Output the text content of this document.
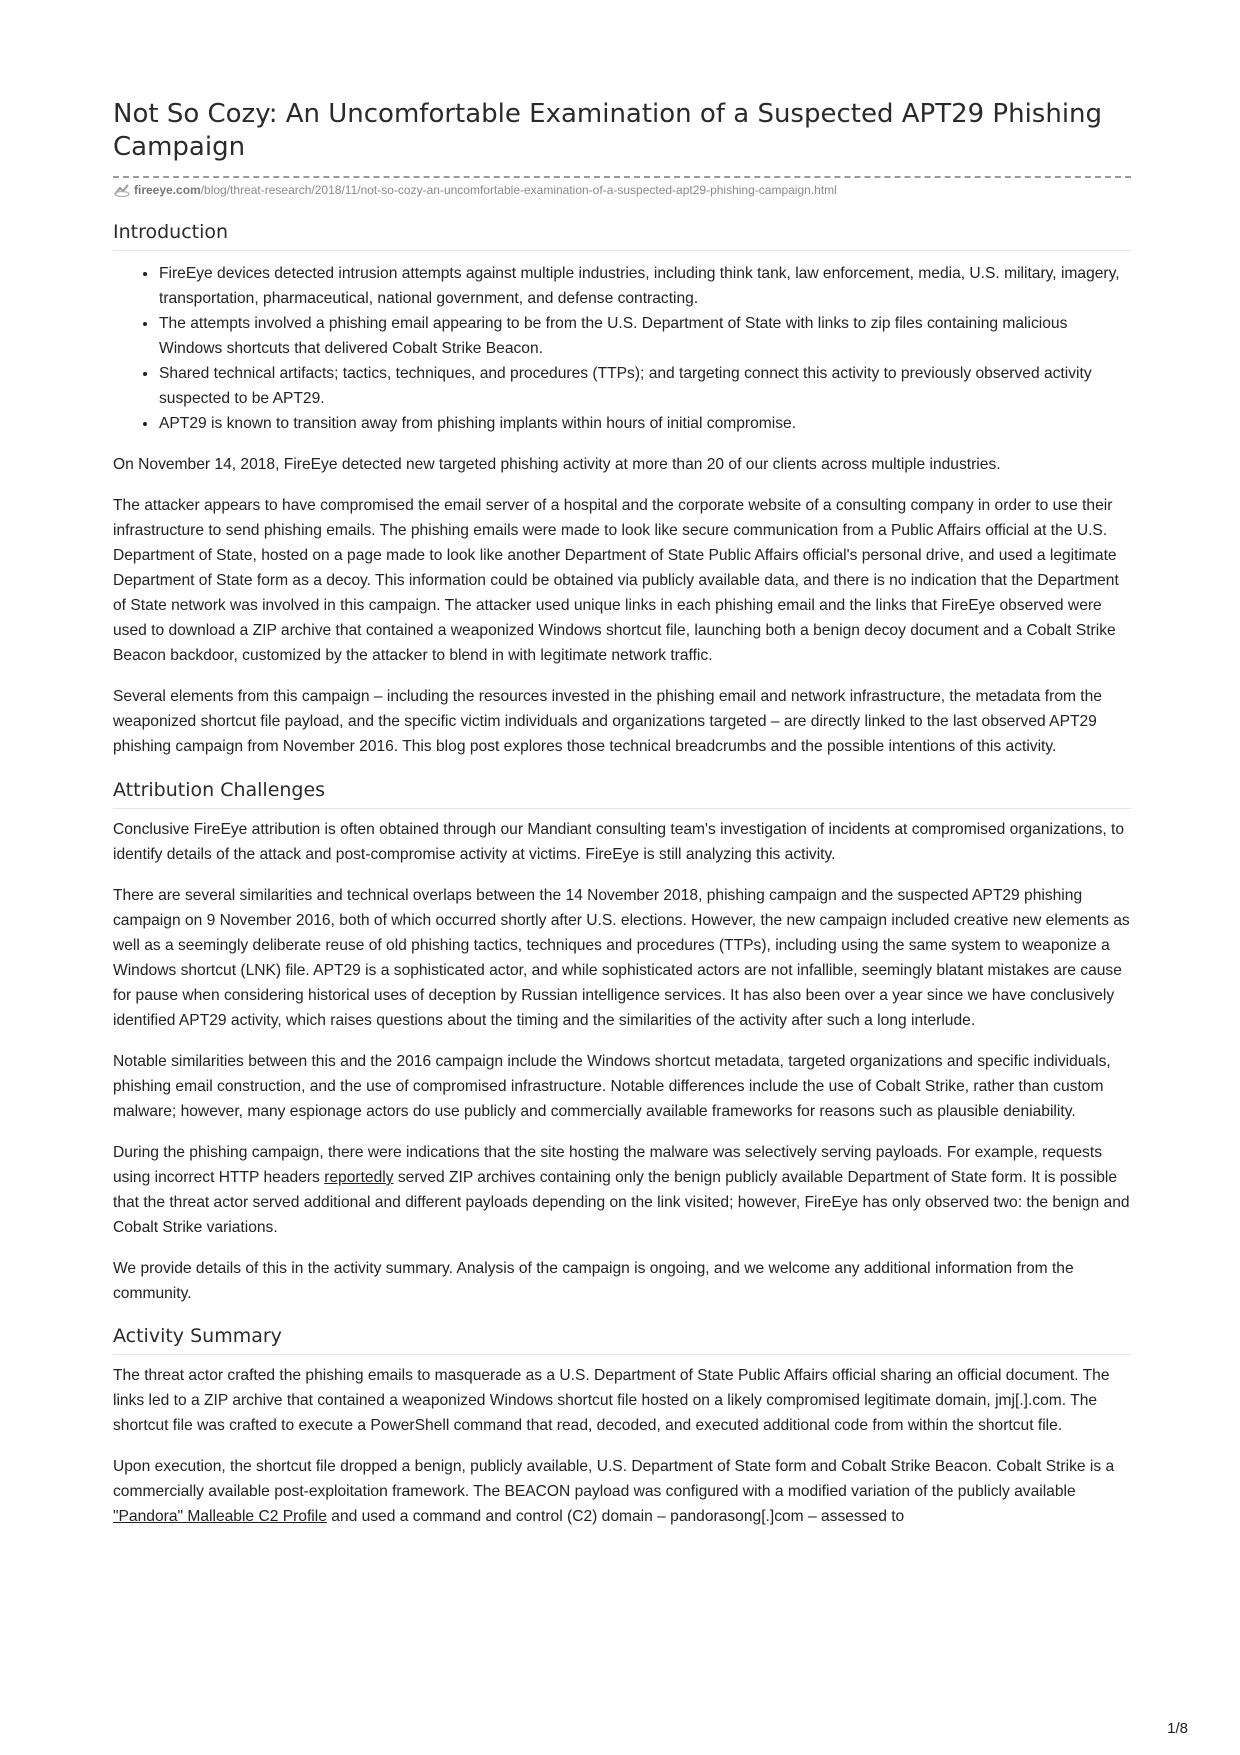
Not So Cozy: An Uncomfortable Examination of a Suspected APT29 Phishing Campaign
fireeye.com /blog/threat-research/2018/11/not-so-cozy-an-uncomfortable-examination-of-a-suspected-apt29-phishing-campaign.html
Introduction
• FireEye devices detected intrusion attempts against multiple industries, including think tank, law enforcement, media, U.S. military, imagery, transportation, pharmaceutical, national government, and defense contracting.
• The attempts involved a phishing email appearing to be from the U.S. Department of State with links to zip files containing malicious Windows shortcuts that delivered Cobalt Strike Beacon.
• Shared technical artifacts; tactics, techniques, and procedures (TTPs); and targeting connect this activity to previously observed activity suspected to be APT29.
• APT29 is known to transition away from phishing implants within hours of initial compromise.

On November 14, 2018, FireEye detected new targeted phishing activity at more than 20 of our clients across multiple industries.

The attacker appears to have compromised the email server of a hospital and the corporate website of a consulting company in order to use their infrastructure to send phishing emails. The phishing emails were made to look like secure communication from a Public Affairs official at the U.S. Department of State, hosted on a page made to look like another Department of State Public Affairs official's personal drive, and used a legitimate Department of State form as a decoy. This information could be obtained via publicly available data, and there is no indication that the Department of State network was involved in this campaign. The attacker used unique links in each phishing email and the links that FireEye observed were used to download a ZIP archive that contained a weaponized Windows shortcut file, launching both a benign decoy document and a Cobalt Strike Beacon backdoor, customized by the attacker to blend in with legitimate network traffic.

Several elements from this campaign – including the resources invested in the phishing email and network infrastructure, the metadata from the weaponized shortcut file payload, and the specific victim individuals and organizations targeted – are directly linked to the last observed APT29 phishing campaign from November 2016. This blog post explores those technical breadcrumbs and the possible intentions of this activity.

Attribution Challenges

Conclusive FireEye attribution is often obtained through our Mandiant consulting team's investigation of incidents at compromised organizations, to identify details of the attack and post-compromise activity at victims. FireEye is still analyzing this activity.

There are several similarities and technical overlaps between the 14 November 2018, phishing campaign and the suspected APT29 phishing campaign on 9 November 2016, both of which occurred shortly after U.S. elections. However, the new campaign included creative new elements as well as a seemingly deliberate reuse of old phishing tactics, techniques and procedures (TTPs), including using the same system to weaponize a Windows shortcut (LNK) file. APT29 is a sophisticated actor, and while sophisticated actors are not infallible, seemingly blatant mistakes are cause for pause when considering historical uses of deception by Russian intelligence services. It has also been over a year since we have conclusively identified APT29 activity, which raises questions about the timing and the similarities of the activity after such a long interlude.

Notable similarities between this and the 2016 campaign include the Windows shortcut metadata, targeted organizations and specific individuals, phishing email construction, and the use of compromised infrastructure. Notable differences include the use of Cobalt Strike, rather than custom malware; however, many espionage actors do use publicly and commercially available frameworks for reasons such as plausible deniability.

During the phishing campaign, there were indications that the site hosting the malware was selectively serving payloads. For example, requests using incorrect HTTP headers reportedly served ZIP archives containing only the benign publicly available Department of State form. It is possible that the threat actor served additional and different payloads depending on the link visited; however, FireEye has only observed two: the benign and Cobalt Strike variations.

We provide details of this in the activity summary. Analysis of the campaign is ongoing, and we welcome any additional information from the community.

Activity Summary

The threat actor crafted the phishing emails to masquerade as a U.S. Department of State Public Affairs official sharing an official document. The links led to a ZIP archive that contained a weaponized Windows shortcut file hosted on a likely compromised legitimate domain, jmj[.].com. The shortcut file was crafted to execute a PowerShell command that read, decoded, and executed additional code from within the shortcut file.

Upon execution, the shortcut file dropped a benign, publicly available, U.S. Department of State form and Cobalt Strike Beacon. Cobalt Strike is a commercially available post-exploitation framework. The BEACON payload was configured with a modified variation of the publicly available "Pandora" Malleable C2 Profile and used a command and control (C2) domain – pandorasong[.]com – assessed to

1/8
